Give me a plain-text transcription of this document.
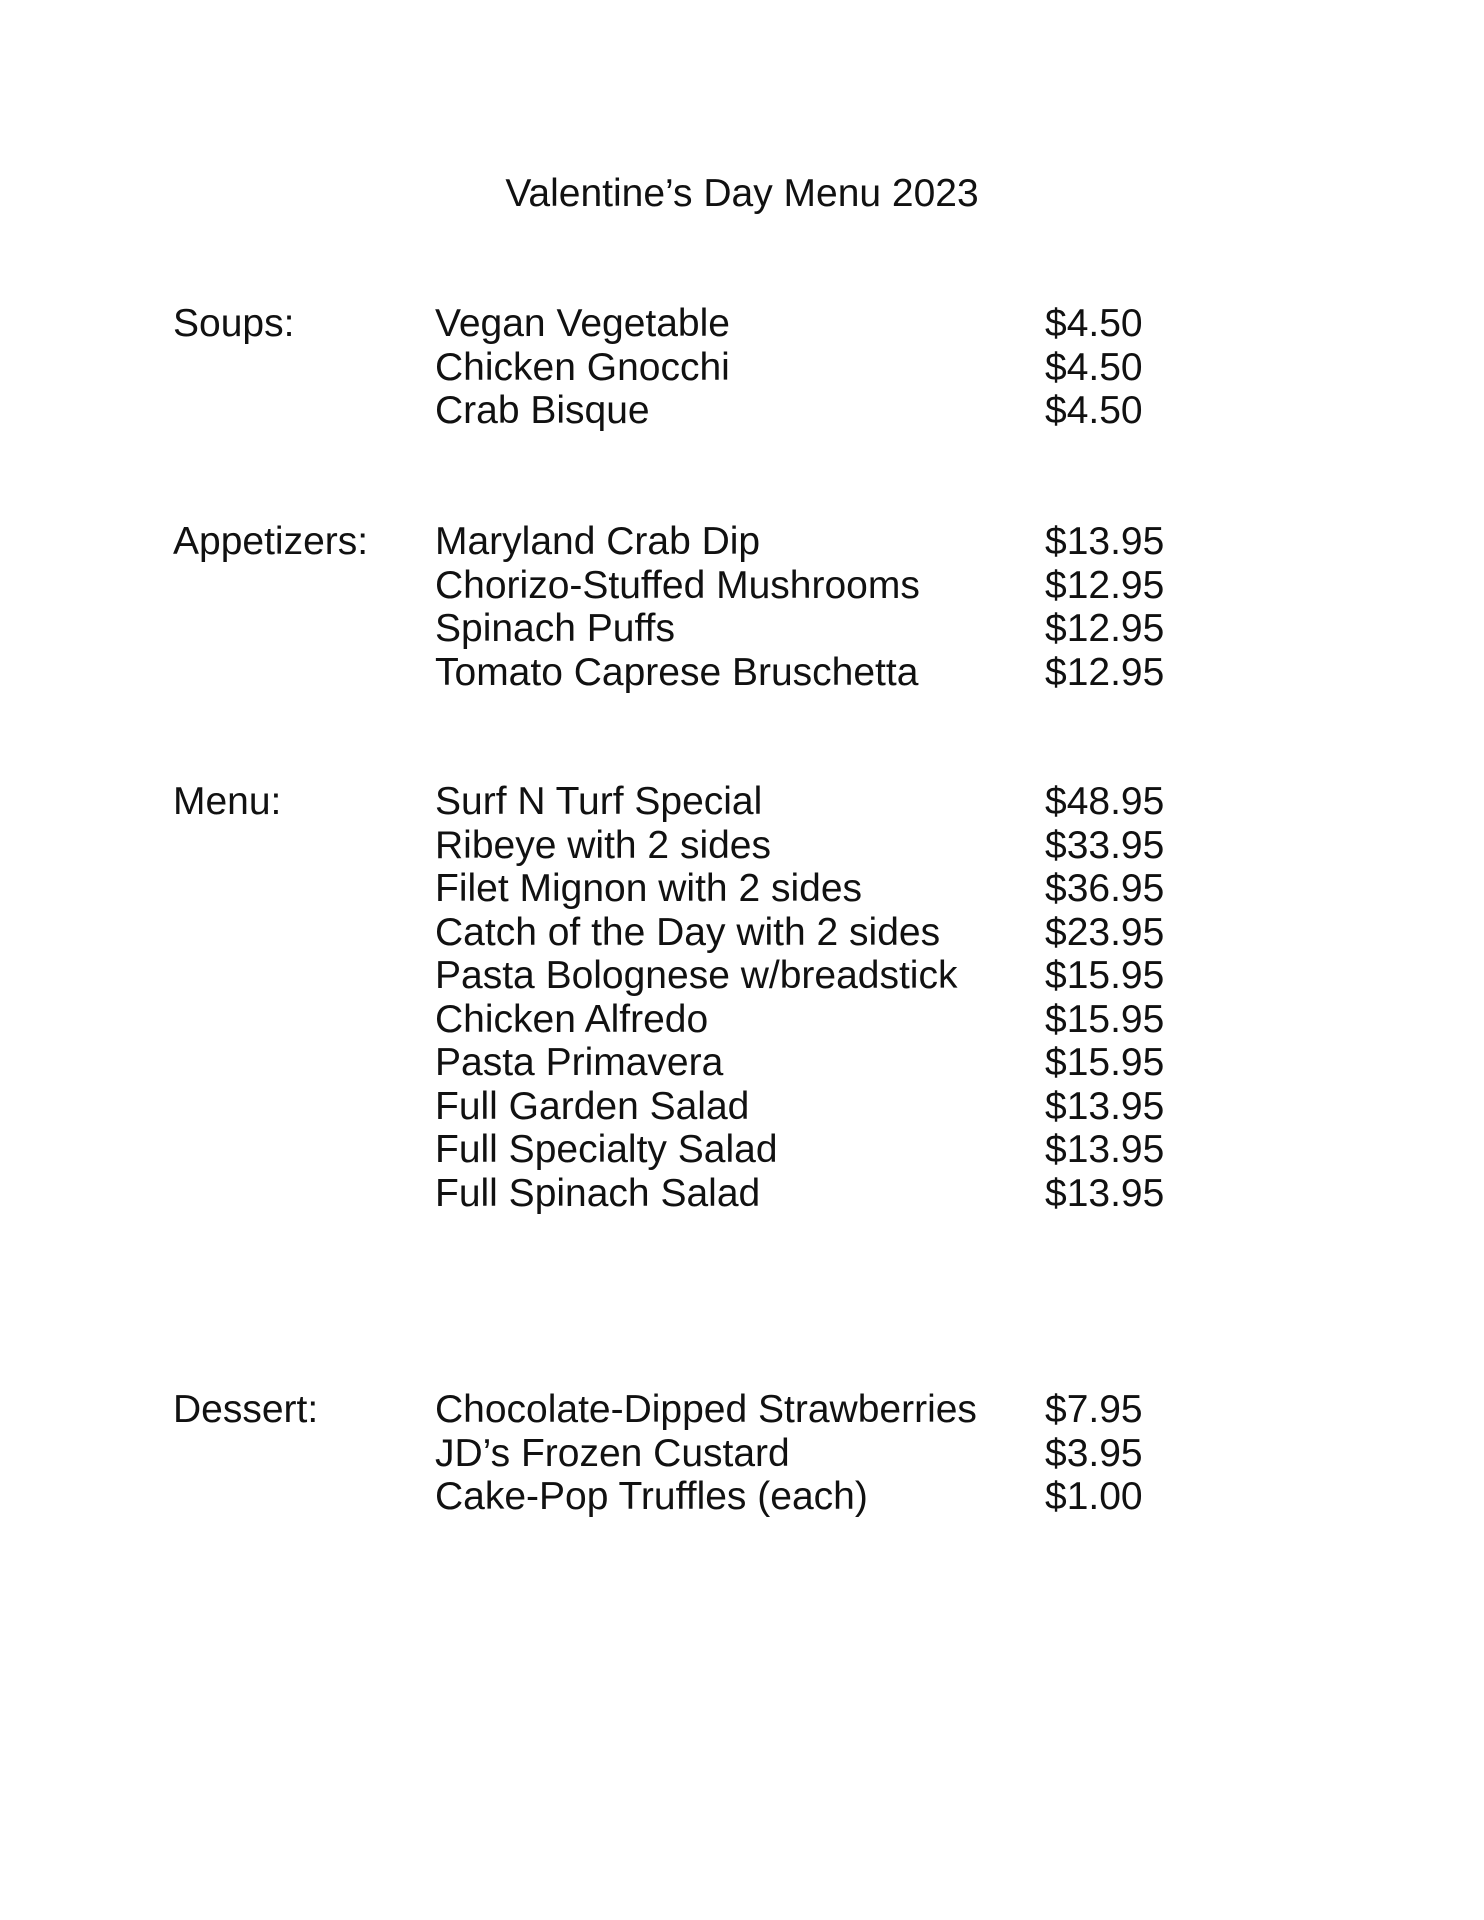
Valentine’s Day Menu 2023
Soups:	Vegan Vegetable	$4.50
Chicken Gnocchi	$4.50
Crab Bisque	$4.50
Appetizers: Maryland Crab Dip	$13.95
Chorizo-Stuffed Mushrooms	$12.95
Spinach Puffs	$12.95
Tomato Caprese Bruschetta	$12.95
Menu:	Surf N Turf Special	$48.95
Ribeye with 2 sides	$33.95
Filet Mignon with 2 sides	$36.95
Catch of the Day with 2 sides	$23.95
Pasta Bolognese w/breadstick $15.95
Chicken Alfredo	$15.95
Pasta Primavera	$15.95
Full Garden Salad	$13.95
Full Specialty Salad	$13.95
Full Spinach Salad	$13.95
Dessert:	Chocolate-Dipped Strawberries $7.95
JD’s Frozen Custard	$3.95
Cake-Pop Truffles (each)	$1.00
